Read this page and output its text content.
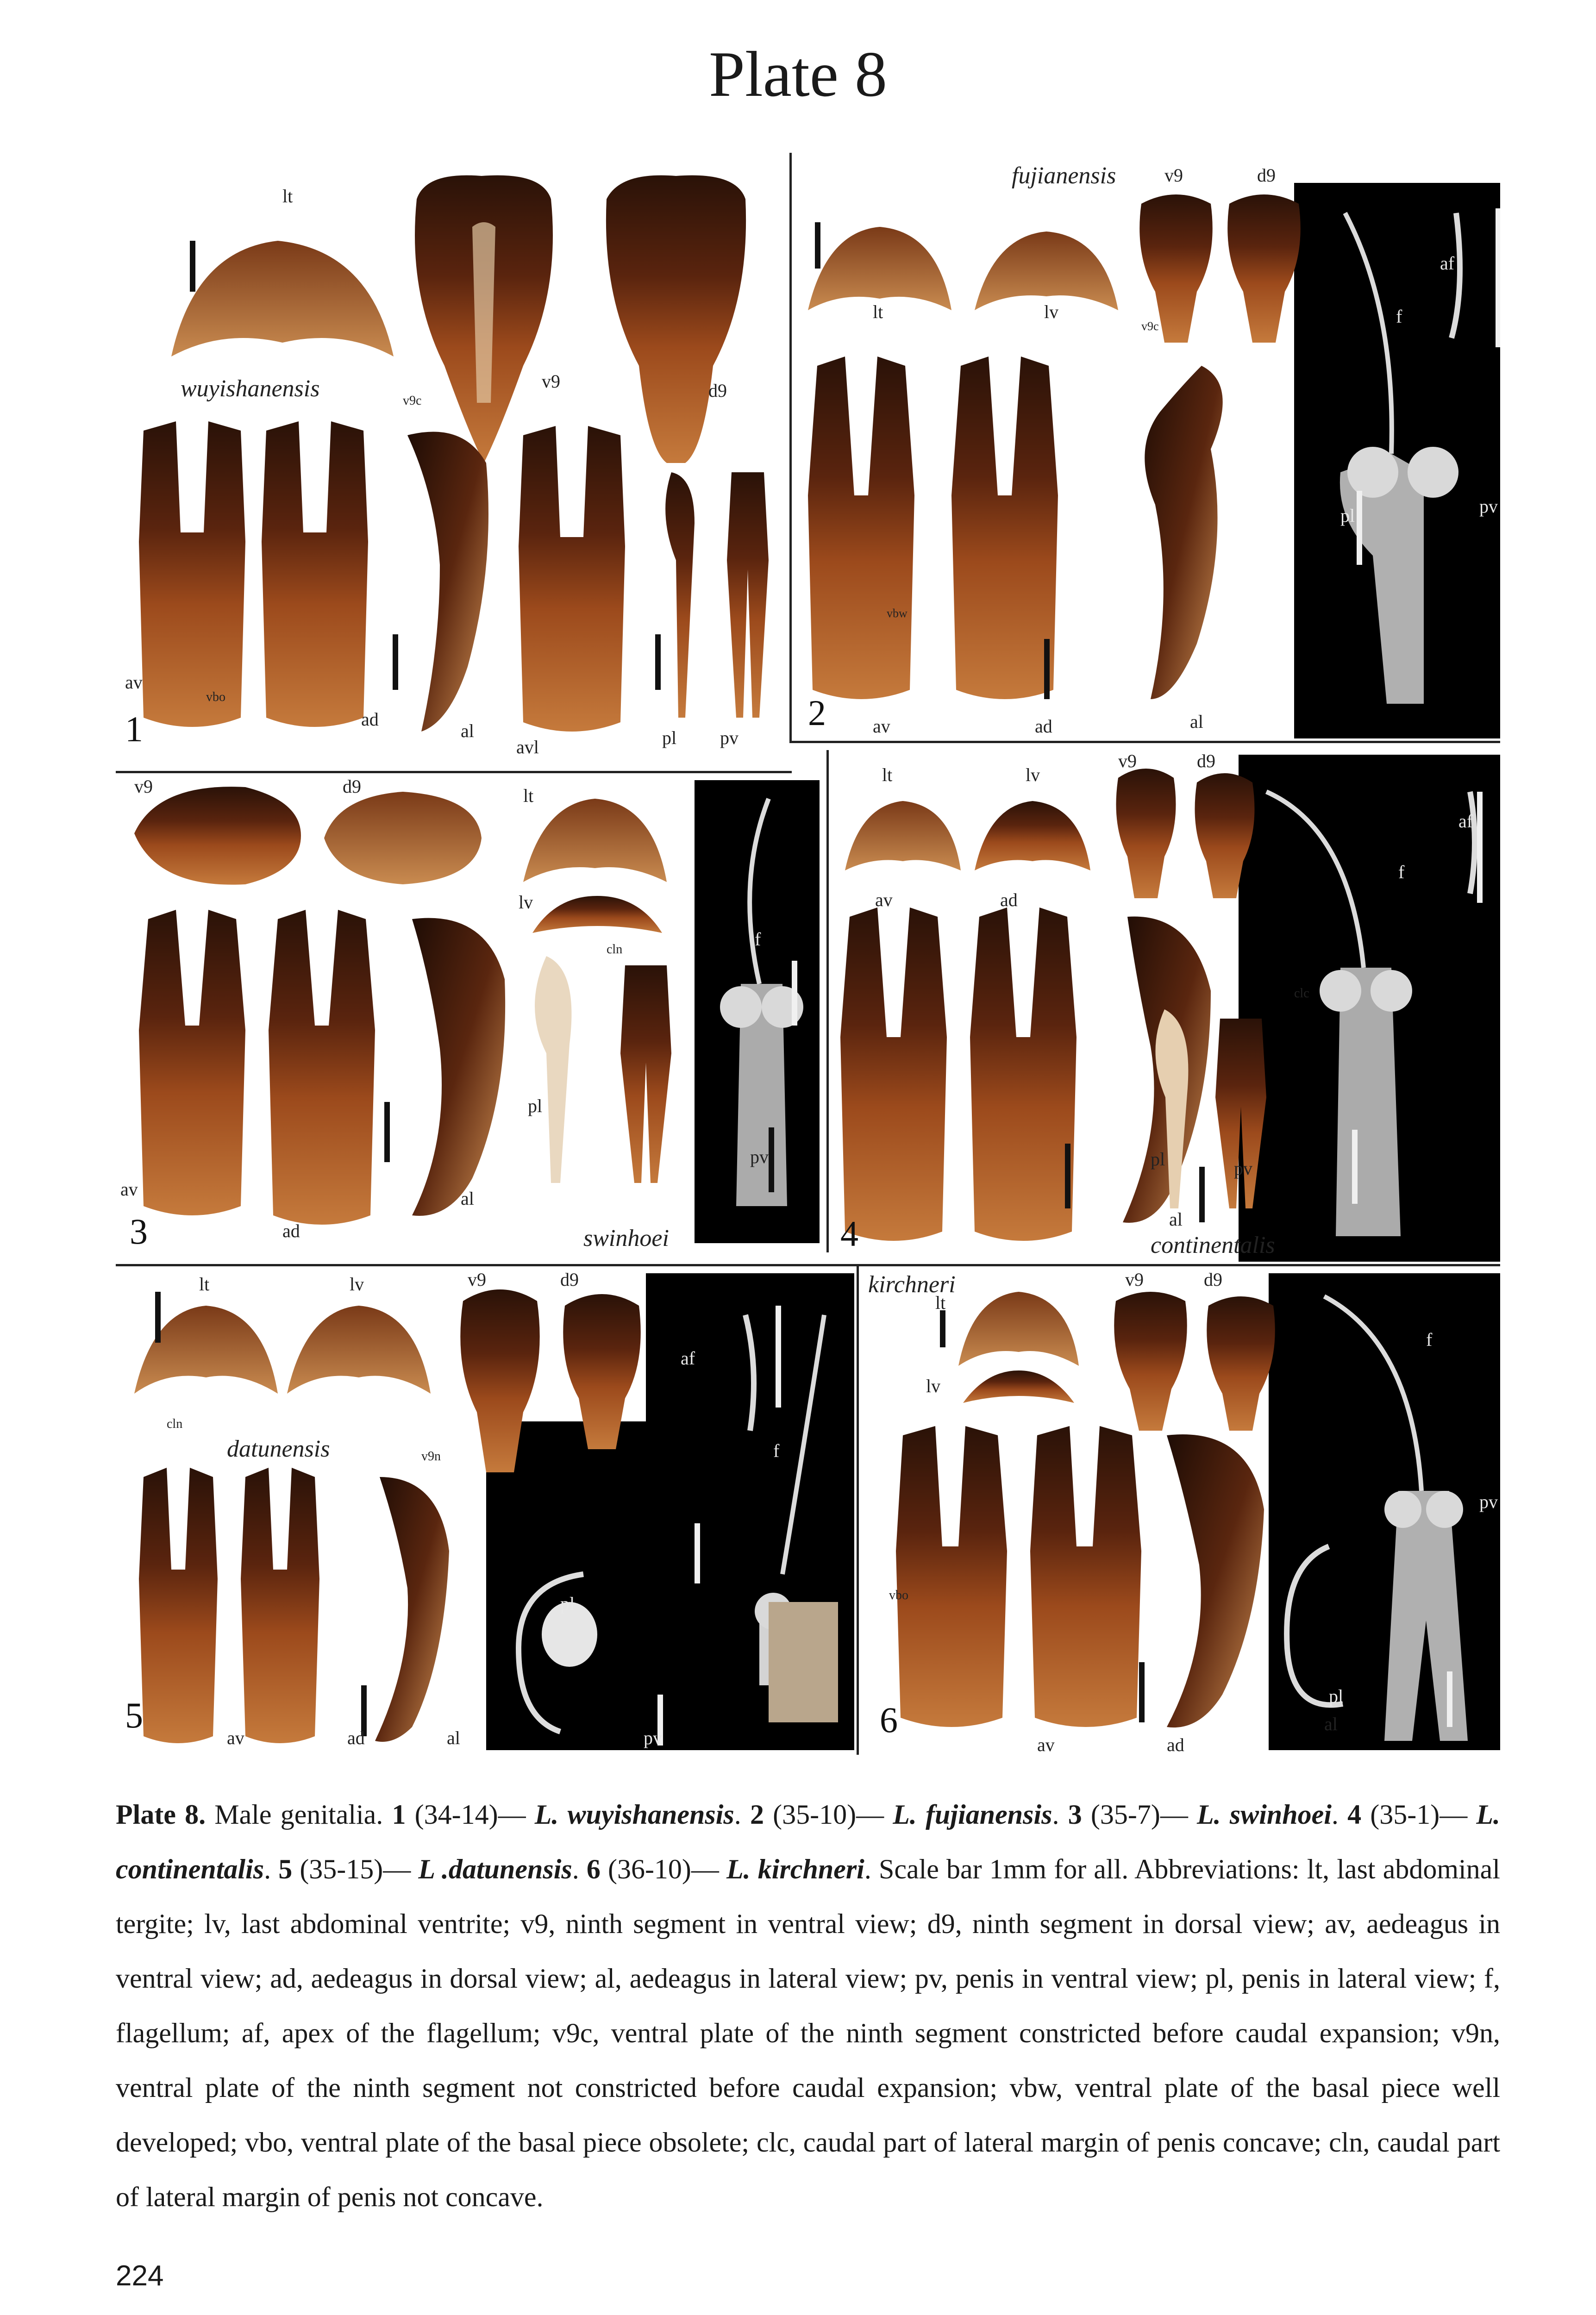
Plate 8
lt
v9	d9
v9c
av
vbo
ad
al
avl	pl pv
1
wuyishanensis
lt	lv
v9	d9
v9c
af
f
pl	pv
vbw
av	ad	al
2
fujianensis
v9	d9	lt
lv
cln	f
pl
pv
av
ad
al
3	swinhoei
lt	lv
v9	d9
af
f
clc
av	ad
pl	pv
al
4	continentalis
lt	lv	v9	d9
af
f
cln
v9n
pl
pv
av	ad	al
5
datunensis
v9	d9
lt
lv
f
pv
vbo
pl
av	ad
al
6
kirchneri
Plate 8. Male genitalia. 1 (34-14)— L. wuyishanensis. 2 (35-10)— L. fujianensis. 3 (35-7)— L. swinhoei. 4 (35-1)— L. continentalis. 5 (35-15)— L .datunensis. 6 (36-10)— L. kirchneri. Scale bar 1mm for all. Abbreviations: lt, last abdominal tergite; lv, last abdominal ventrite; v9, ninth segment in ventral view; d9, ninth segment in dorsal view; av, aedeagus in ventral view; ad, aedeagus in dorsal view; al, aedeagus in lateral view; pv, penis in ventral view; pl, penis in lateral view; f, flagellum; af, apex of the flagellum; v9c, ventral plate of the ninth segment constricted before caudal expansion; v9n, ventral plate of the ninth segment not constricted before caudal expansion; vbw, ventral plate of the basal piece well developed; vbo, ventral plate of the basal piece obsolete; clc, caudal part of lateral margin of penis concave; cln, caudal part of lateral margin of penis not concave.
224
